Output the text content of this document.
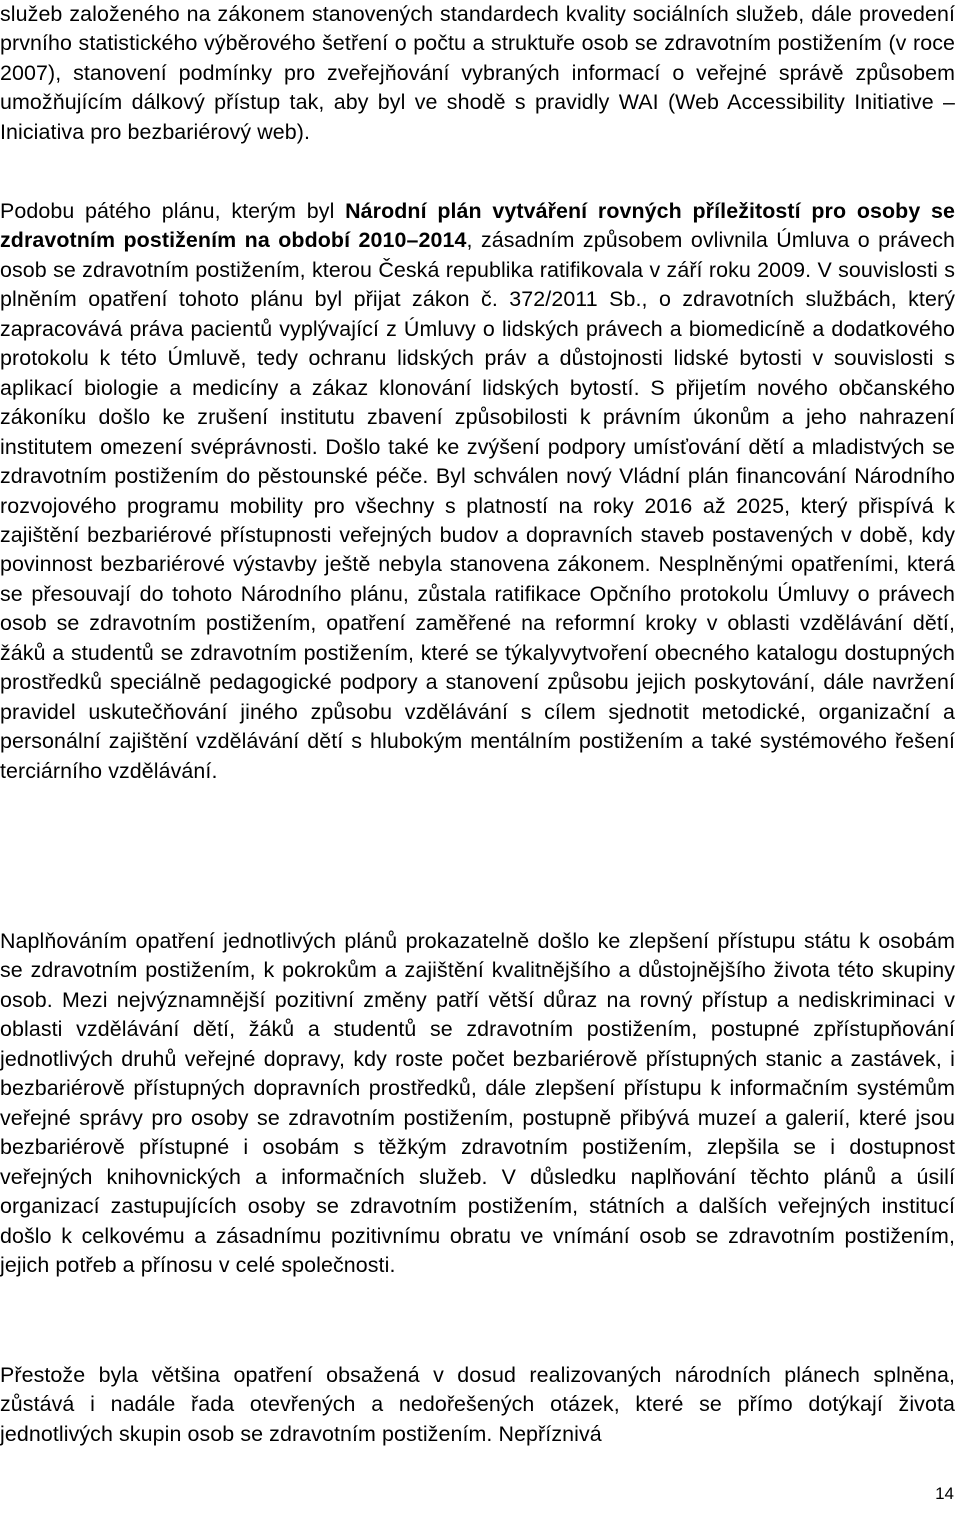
služeb založeného na zákonem stanovených standardech kvality sociálních služeb, dále provedení prvního statistického výběrového šetření o počtu a struktuře osob se zdravotním postižením (v roce 2007), stanovení podmínky pro zveřejňování vybraných informací o veřejné správě způsobem umožňujícím dálkový přístup tak, aby byl ve shodě s pravidly WAI (Web Accessibility Initiative – Iniciativa pro bezbariérový web).

Podobu pátého plánu, kterým byl Národní plán vytváření rovných příležitostí pro osoby se zdravotním postižením na období 2010–2014, zásadním způsobem ovlivnila Úmluva o právech osob se zdravotním postižením, kterou Česká republika ratifikovala v září roku 2009. V souvislosti s plněním opatření tohoto plánu byl přijat zákon č. 372/2011 Sb., o zdravotních službách, který zapracovává práva pacientů vyplývající z Úmluvy o lidských právech a biomedicíně a dodatkového protokolu k této Úmluvě, tedy ochranu lidských práv a důstojnosti lidské bytosti v souvislosti s aplikací biologie a medicíny a zákaz klonování lidských bytostí. S přijetím nového občanského zákoníku došlo ke zrušení institutu zbavení způsobilosti k právním úkonům a jeho nahrazení institutem omezení svéprávnosti. Došlo také ke zvýšení podpory umísťování dětí a mladistvých se zdravotním postižením do pěstounské péče. Byl schválen nový Vládní plán financování Národního rozvojového programu mobility pro všechny s platností na roky 2016 až 2025, který přispívá k zajištění bezbariérové přístupnosti veřejných budov a dopravních staveb postavených v době, kdy povinnost bezbariérové výstavby ještě nebyla stanovena zákonem. Nesplněnými opatřeními, která se přesouvají do tohoto Národního plánu, zůstala ratifikace Opčního protokolu Úmluvy o právech osob se zdravotním postižením, opatření zaměřené na reformní kroky v oblasti vzdělávání dětí, žáků a studentů se zdravotním postižením, které se týkalyvytvoření obecného katalogu dostupných prostředků speciálně pedagogické podpory a stanovení způsobu jejich poskytování, dále navržení pravidel uskutečňování jiného způsobu vzdělávání s cílem sjednotit metodické, organizační a personální zajištění vzdělávání dětí s hlubokým mentálním postižením a také systémového řešení terciárního vzdělávání.

Naplňováním opatření jednotlivých plánů prokazatelně došlo ke zlepšení přístupu státu k osobám se zdravotním postižením, k pokrokům a zajištění kvalitnějšího a důstojnějšího života této skupiny osob. Mezi nejvýznamnější pozitivní změny patří větší důraz na rovný přístup a nediskriminaci v oblasti vzdělávání dětí, žáků a studentů se zdravotním postižením, postupné zpřístupňování jednotlivých druhů veřejné dopravy, kdy roste počet bezbariérově přístupných stanic a zastávek, i bezbariérově přístupných dopravních prostředků, dále zlepšení přístupu k informačním systémům veřejné správy pro osoby se zdravotním postižením, postupně přibývá muzeí a galerií, které jsou bezbariérově přístupné i osobám s těžkým zdravotním postižením, zlepšila se i dostupnost veřejných knihovnických a informačních služeb. V důsledku naplňování těchto plánů a úsilí organizací zastupujících osoby se zdravotním postižením, státních a dalších veřejných institucí došlo k celkovému a zásadnímu pozitivnímu obratu ve vnímání osob se zdravotním postižením, jejich potřeb a přínosu v celé společnosti.

Přestože byla většina opatření obsažená v dosud realizovaných národních plánech splněna, zůstává i nadále řada otevřených a nedořešených otázek, které se přímo dotýkají života jednotlivých skupin osob se zdravotním postižením. Nepříznivá

14
